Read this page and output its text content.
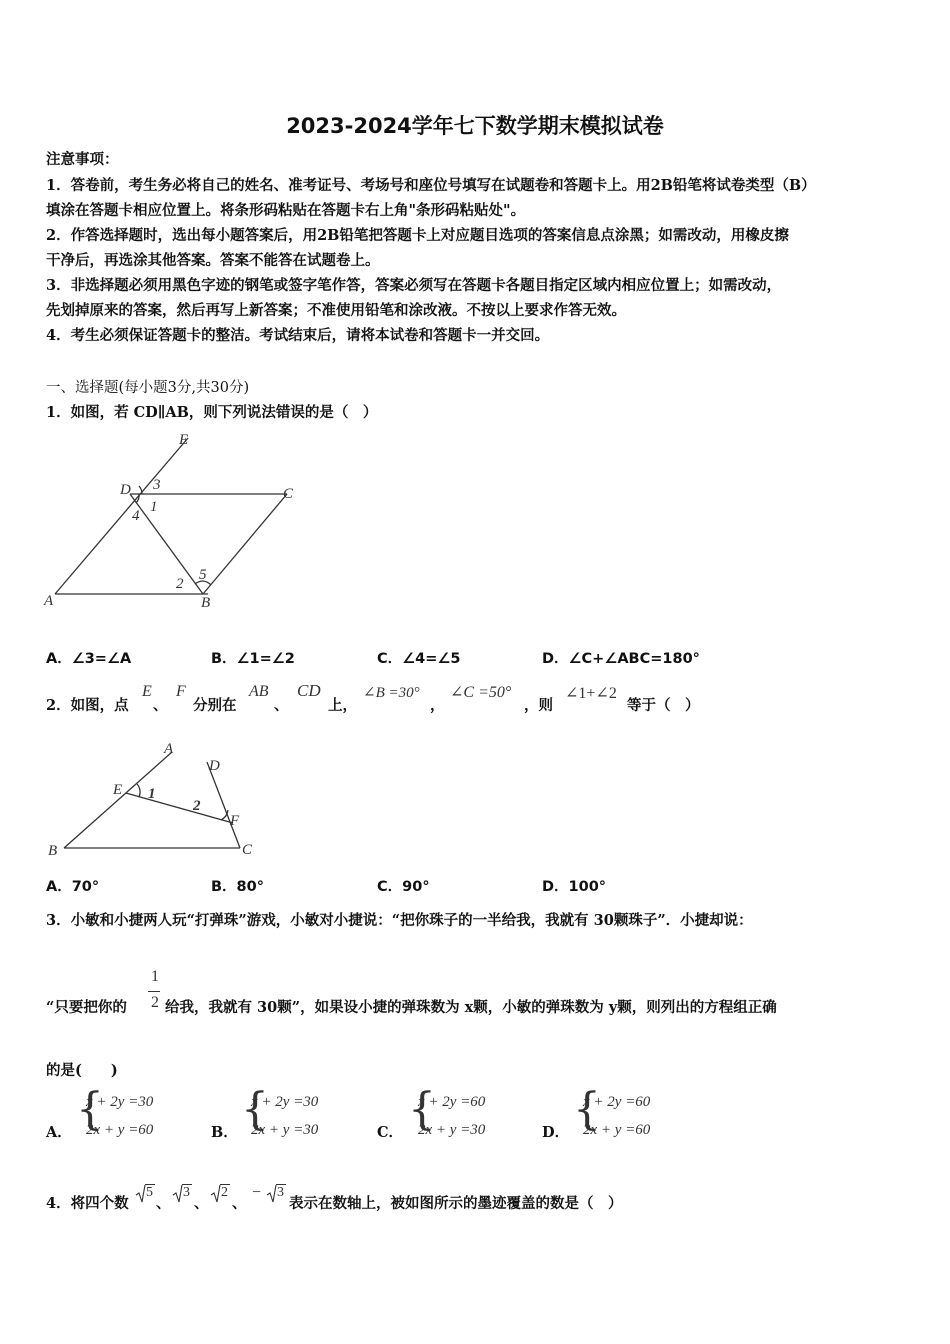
2023-2024学年七下数学期末模拟试卷
注意事项：
1．答卷前，考生务必将自己的姓名、准考证号、考场号和座位号填写在试题卷和答题卡上。用2B铅笔将试卷类型（B）
填涂在答题卡相应位置上。将条形码粘贴在答题卡右上角"条形码粘贴处"。
2．作答选择题时，选出每小题答案后，用2B铅笔把答题卡上对应题目选项的答案信息点涂黑；如需改动，用橡皮擦
干净后，再选涂其他答案。答案不能答在试题卷上。
3．非选择题必须用黑色字迹的钢笔或签字笔作答，答案必须写在答题卡各题目指定区域内相应位置上；如需改动，
先划掉原来的答案，然后再写上新答案；不准使用铅笔和涂改液。不按以上要求作答无效。
4．考生必须保证答题卡的整洁。考试结束后，请将本试卷和答题卡一并交回。
一、选择题(每小题3分,共30分)
1．如图，若 CD∥AB，则下列说法错误的是（　）
E
D	C
A	B
3
1
4
2
5
A．∠3=∠A	B．∠1=∠2	C．∠4=∠5	D．∠C+∠ABC=180°
2．如图，点
E
、
F
分别在
AB
、
CD
上，
∠B =30°
，
∠C =50°
，则
∠1+∠2
等于（　）
A
D
E
F
B	C
1
2
A．70°	B．80°	C．90°	D．100°
3．小敏和小捷两人玩“打弹珠”游戏，小敏对小捷说：“把你珠子的一半给我，我就有 30颗珠子”．小捷却说：
“只要把你的
1
2 给我，我就有 30颗”，如果设小捷的弹珠数为 x颗，小敏的弹珠数为 y颗，则列出的方程组正确
的是(　　)
A． {
x + 2y =30
2x + y =60	B． {
x + 2y =30
2x + y =30	C． {
x + 2y =60
2x + y =30	D． {
x + 2y =60
2x + y =60
4．将四个数
5
、
3
、
2
、
− 3
表示在数轴上，被如图所示的墨迹覆盖的数是（　）
